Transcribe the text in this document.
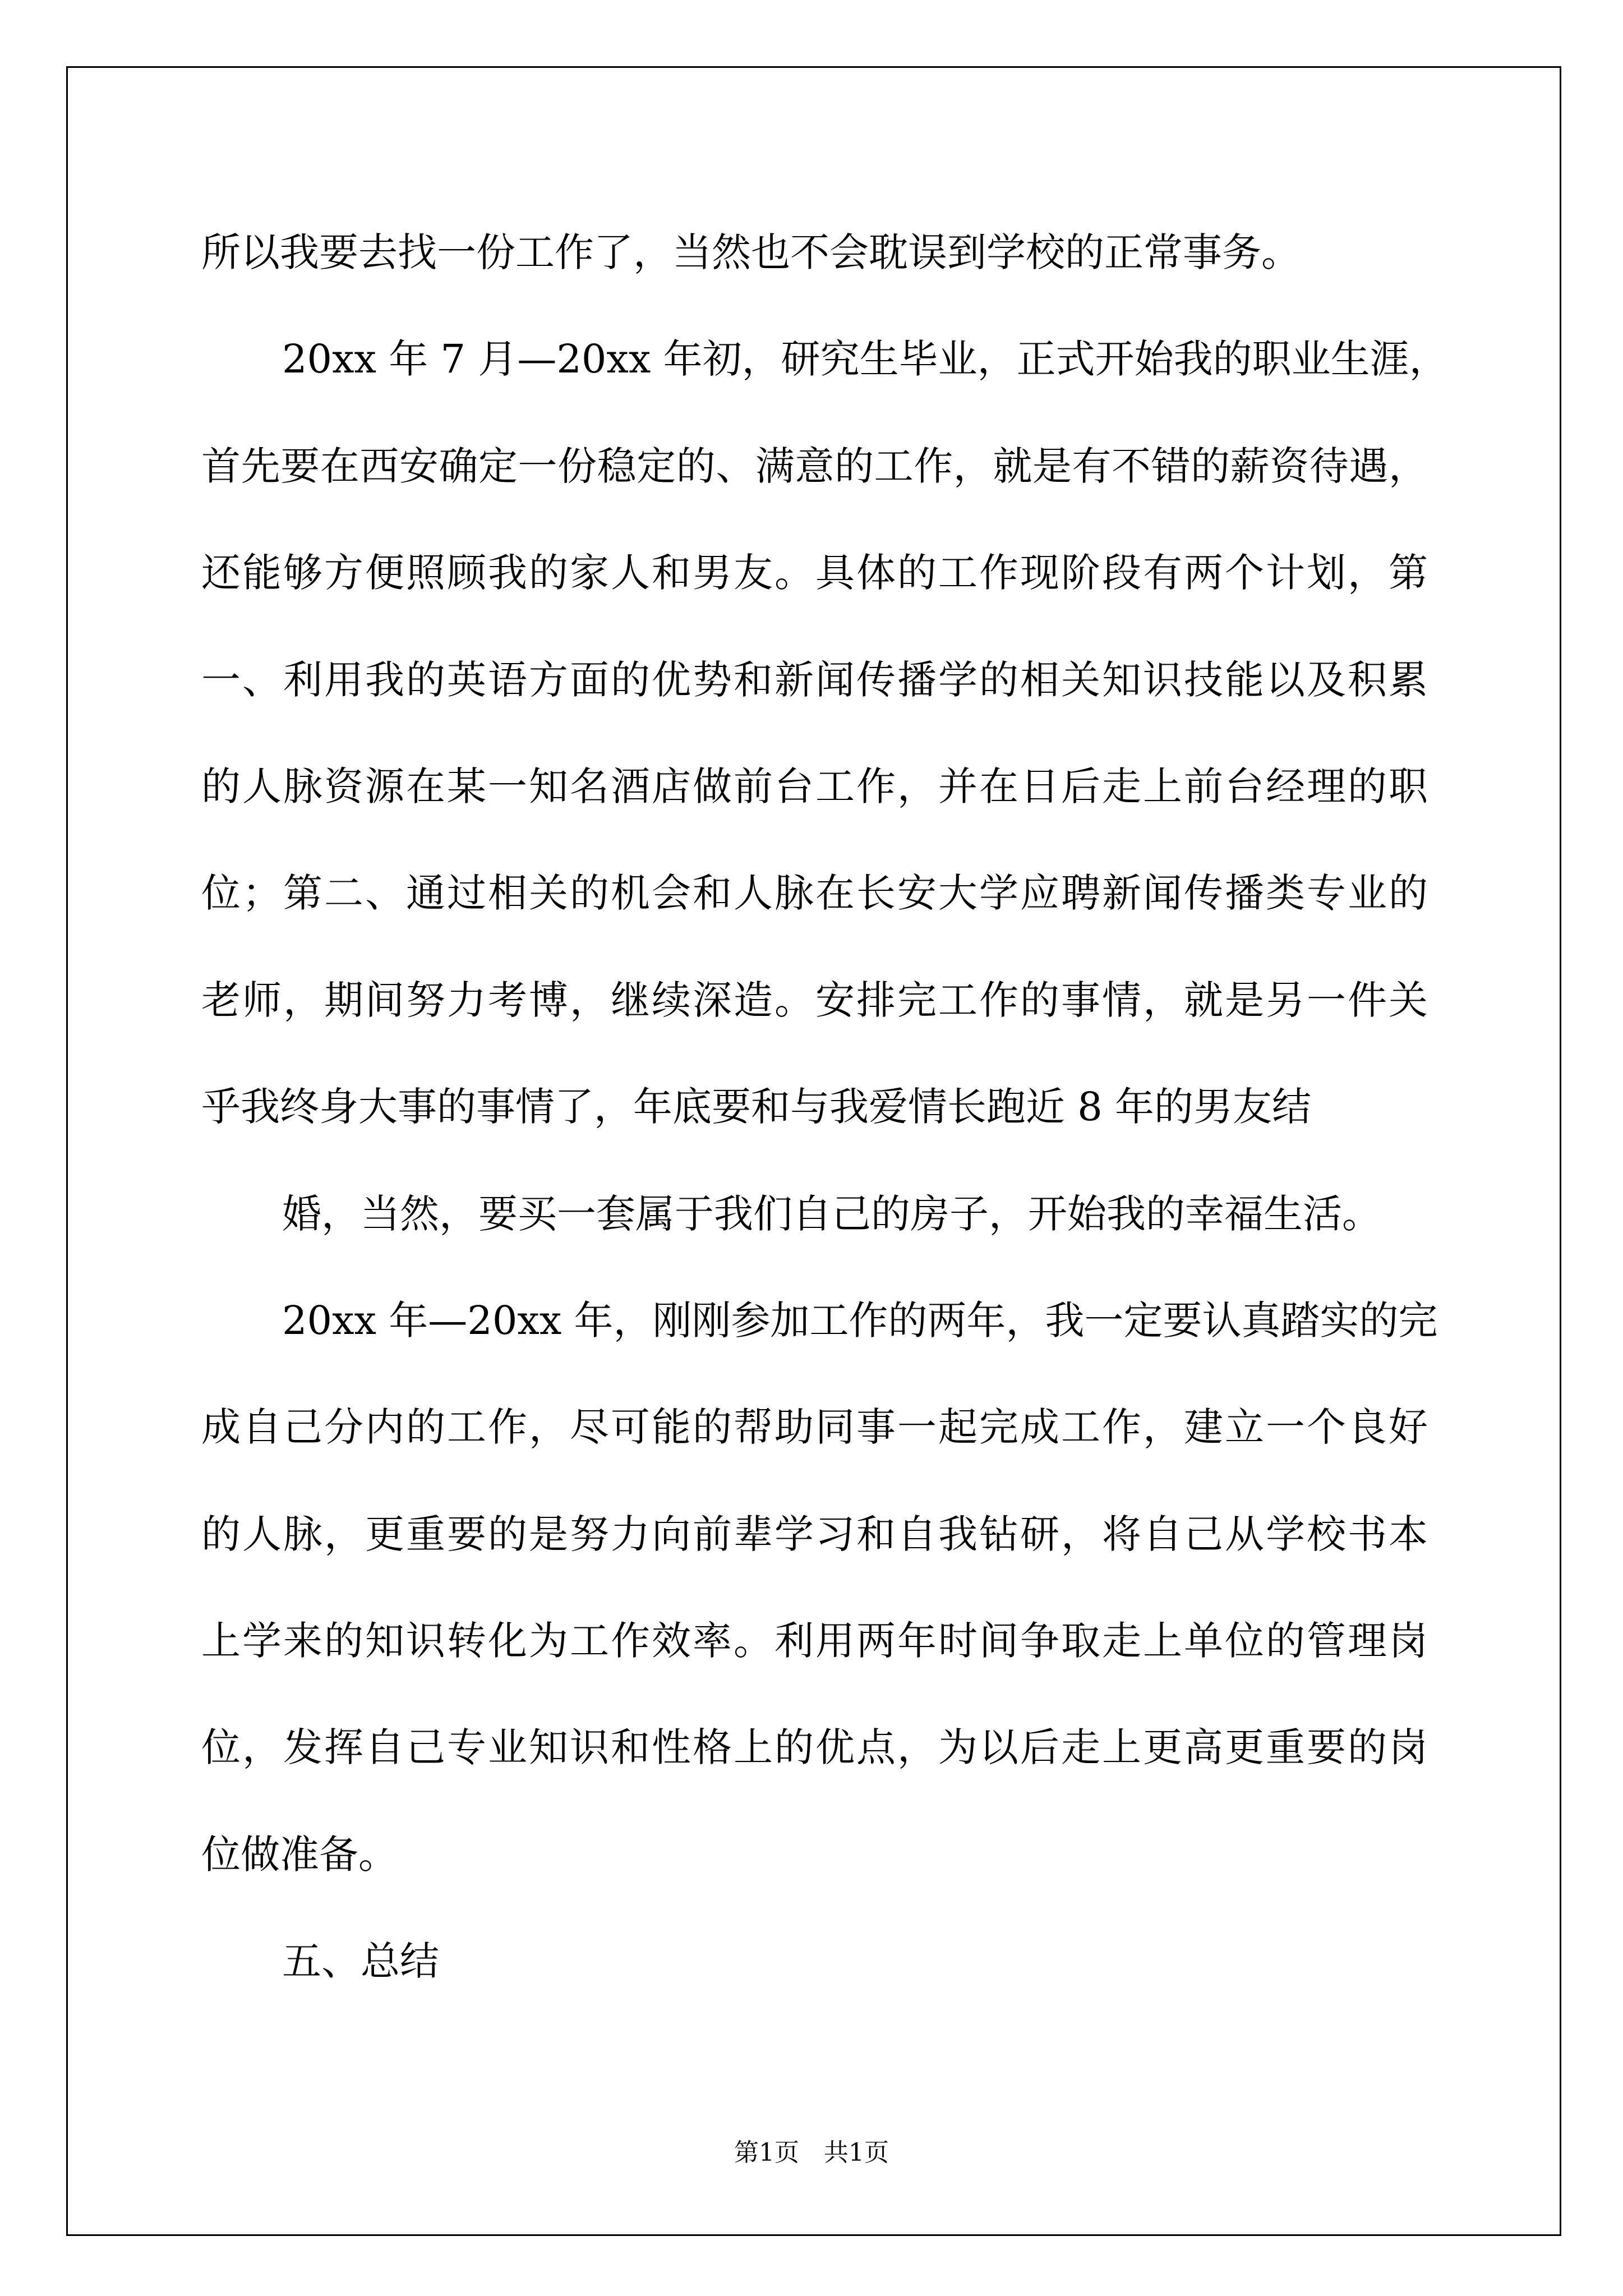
所以我要去找一份工作了，当然也不会耽误到学校的正常事务。
20xx 年 7 月—20xx 年初，研究生毕业，正式开始我的职业生涯，
首先要在西安确定一份稳定的、满意的工作，就是有不错的薪资待遇，
还能够方便照顾我的家人和男友。具体的工作现阶段有两个计划，第
一、利用我的英语方面的优势和新闻传播学的相关知识技能以及积累
的人脉资源在某一知名酒店做前台工作，并在日后走上前台经理的职
位；第二、通过相关的机会和人脉在长安大学应聘新闻传播类专业的
老师，期间努力考博，继续深造。安排完工作的事情，就是另一件关
乎我终身大事的事情了，年底要和与我爱情长跑近 8 年的男友结
婚，当然，要买一套属于我们自己的房子，开始我的幸福生活。
20xx 年—20xx 年，刚刚参加工作的两年，我一定要认真踏实的完
成自己分内的工作，尽可能的帮助同事一起完成工作，建立一个良好
的人脉，更重要的是努力向前辈学习和自我钻研，将自己从学校书本
上学来的知识转化为工作效率。利用两年时间争取走上单位的管理岗
位，发挥自己专业知识和性格上的优点，为以后走上更高更重要的岗
位做准备。
五、总结
第1页　共1页
